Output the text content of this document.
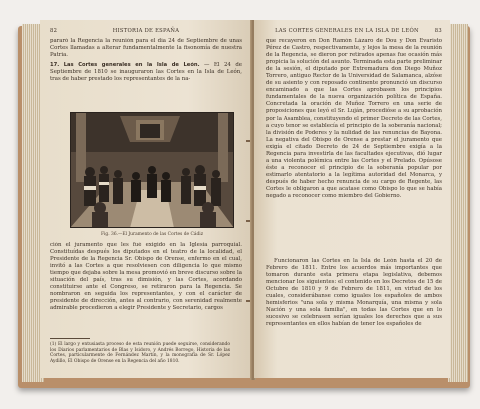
82	HISTORIA DE ESPAÑA

pararó la Regencia la reunión para el día 24 de Septiembre de unas Cortes llamadas a alterar fundamentalmente la fisonomía de nuestra Patria.

17. Las Cortes generales en la Isla de León. — El 24 de Septiembre de 1810 se inauguraron las Cortes en la Isla de León, tras de haber prestado los representantes de la na-

Fig. 36.—El Juramento de las Cortes de Cádiz

ción el juramento que les fué exigido en la Iglesia parroquial. Constituídas después los diputados en el teatro de la localidad, el Presidente de la Regencia Sr. Obispo de Orense, enfermo en el cual, invitó a las Cortes a que resolviesen con diligencia lo que mismo tiempo que dejaba sobre la mesa promovió en breve discurso sobre la situación del país, tras su dimisión, y las Cortes, acordando constituirse ante el Congreso, se retiraron para la Regencia. Se nombraron en seguida los representantes, y con el carácter de presidente de dirección, antes al contrario, con serenidad realmente admirable procedieron a elegir Presidente y Secretario, cargos

(1) El largo y entusiasta proceso de esta reunión puede seguirse, considerando los Diarios parlamentarios de Blas y Isidoro, y Andrés Borrego, Historia de las Cortes, particularmente de Fernández Martín, y la monografía de Sr. López Aydillo, El Obispo de Orense en la Regencia del año 1810.
LAS CORTES GENERALES EN LA ISLA DE LEÓN	83

que recayeron en Don Ramón Lázaro de Dou y Don Evaristo Pérez de Castro, respectivamente, y lejos la mesa de la reunión de la Regencia, se dieron por retirados apenas fue ocasión más propicia la solución del asunto. Terminada esta parte preliminar de la sesión, el diputado por Extremadura don Diego Muñoz Torrero, antiguo Rector de la Universidad de Salamanca, alzóse de su asiento y con reposado continente pronunció un discurso encaminado a que las Cortes aprobasen los principios fundamentales de la nueva organización política de España. Concretada la oración de Muñoz Torrero en una serie de proposiciones que leyó el Sr. Luján, procedióse a su aprobación por la Asamblea, constituyendo el primer Decreto de las Cortes, a cuyo tenor se establecía el principio de la soberanía nacional; la división de Poderes y la nulidad de las renuncias de Bayona. La negativa del Obispo de Orense a prestar el juramento que exigía el citado Decreto de 24 de Septiembre exigía a la Regencia para investirla de las facultades ejecutivas, dió lugar a una violenta polémica entre las Cortes y el Prelado. Opúsose éste a reconocer el principio de la soberanía popular por estimarlo atentatorio a la legítima autoridad del Monarca, y después de haber hecho renuncia de su cargo de Regente, las Cortes le obligaron a que acatase como Obispo lo que se había negado a reconocer como miembro del Gobierno.

Funcionaron las Cortes en la Isla de León hasta el 20 de Febrero de 1811. Entre los acuerdos más importantes que tomaron durante esta primera etapa legislativa, debemos mencionar los siguientes: el contenido en los Decretos de 15 de Octubre de 1810 y 9 de Febrero de 1811, en virtud de los cuales, considerábanse como iguales los españoles de ambos hemisferios "una sola y misma Monarquía, una misma y sola Nación y una sola familia", en todas las Cortes que en lo sucesivo se celebrasen serían iguales los derechos que a sus representantes en ellos habían de tener los españoles de
